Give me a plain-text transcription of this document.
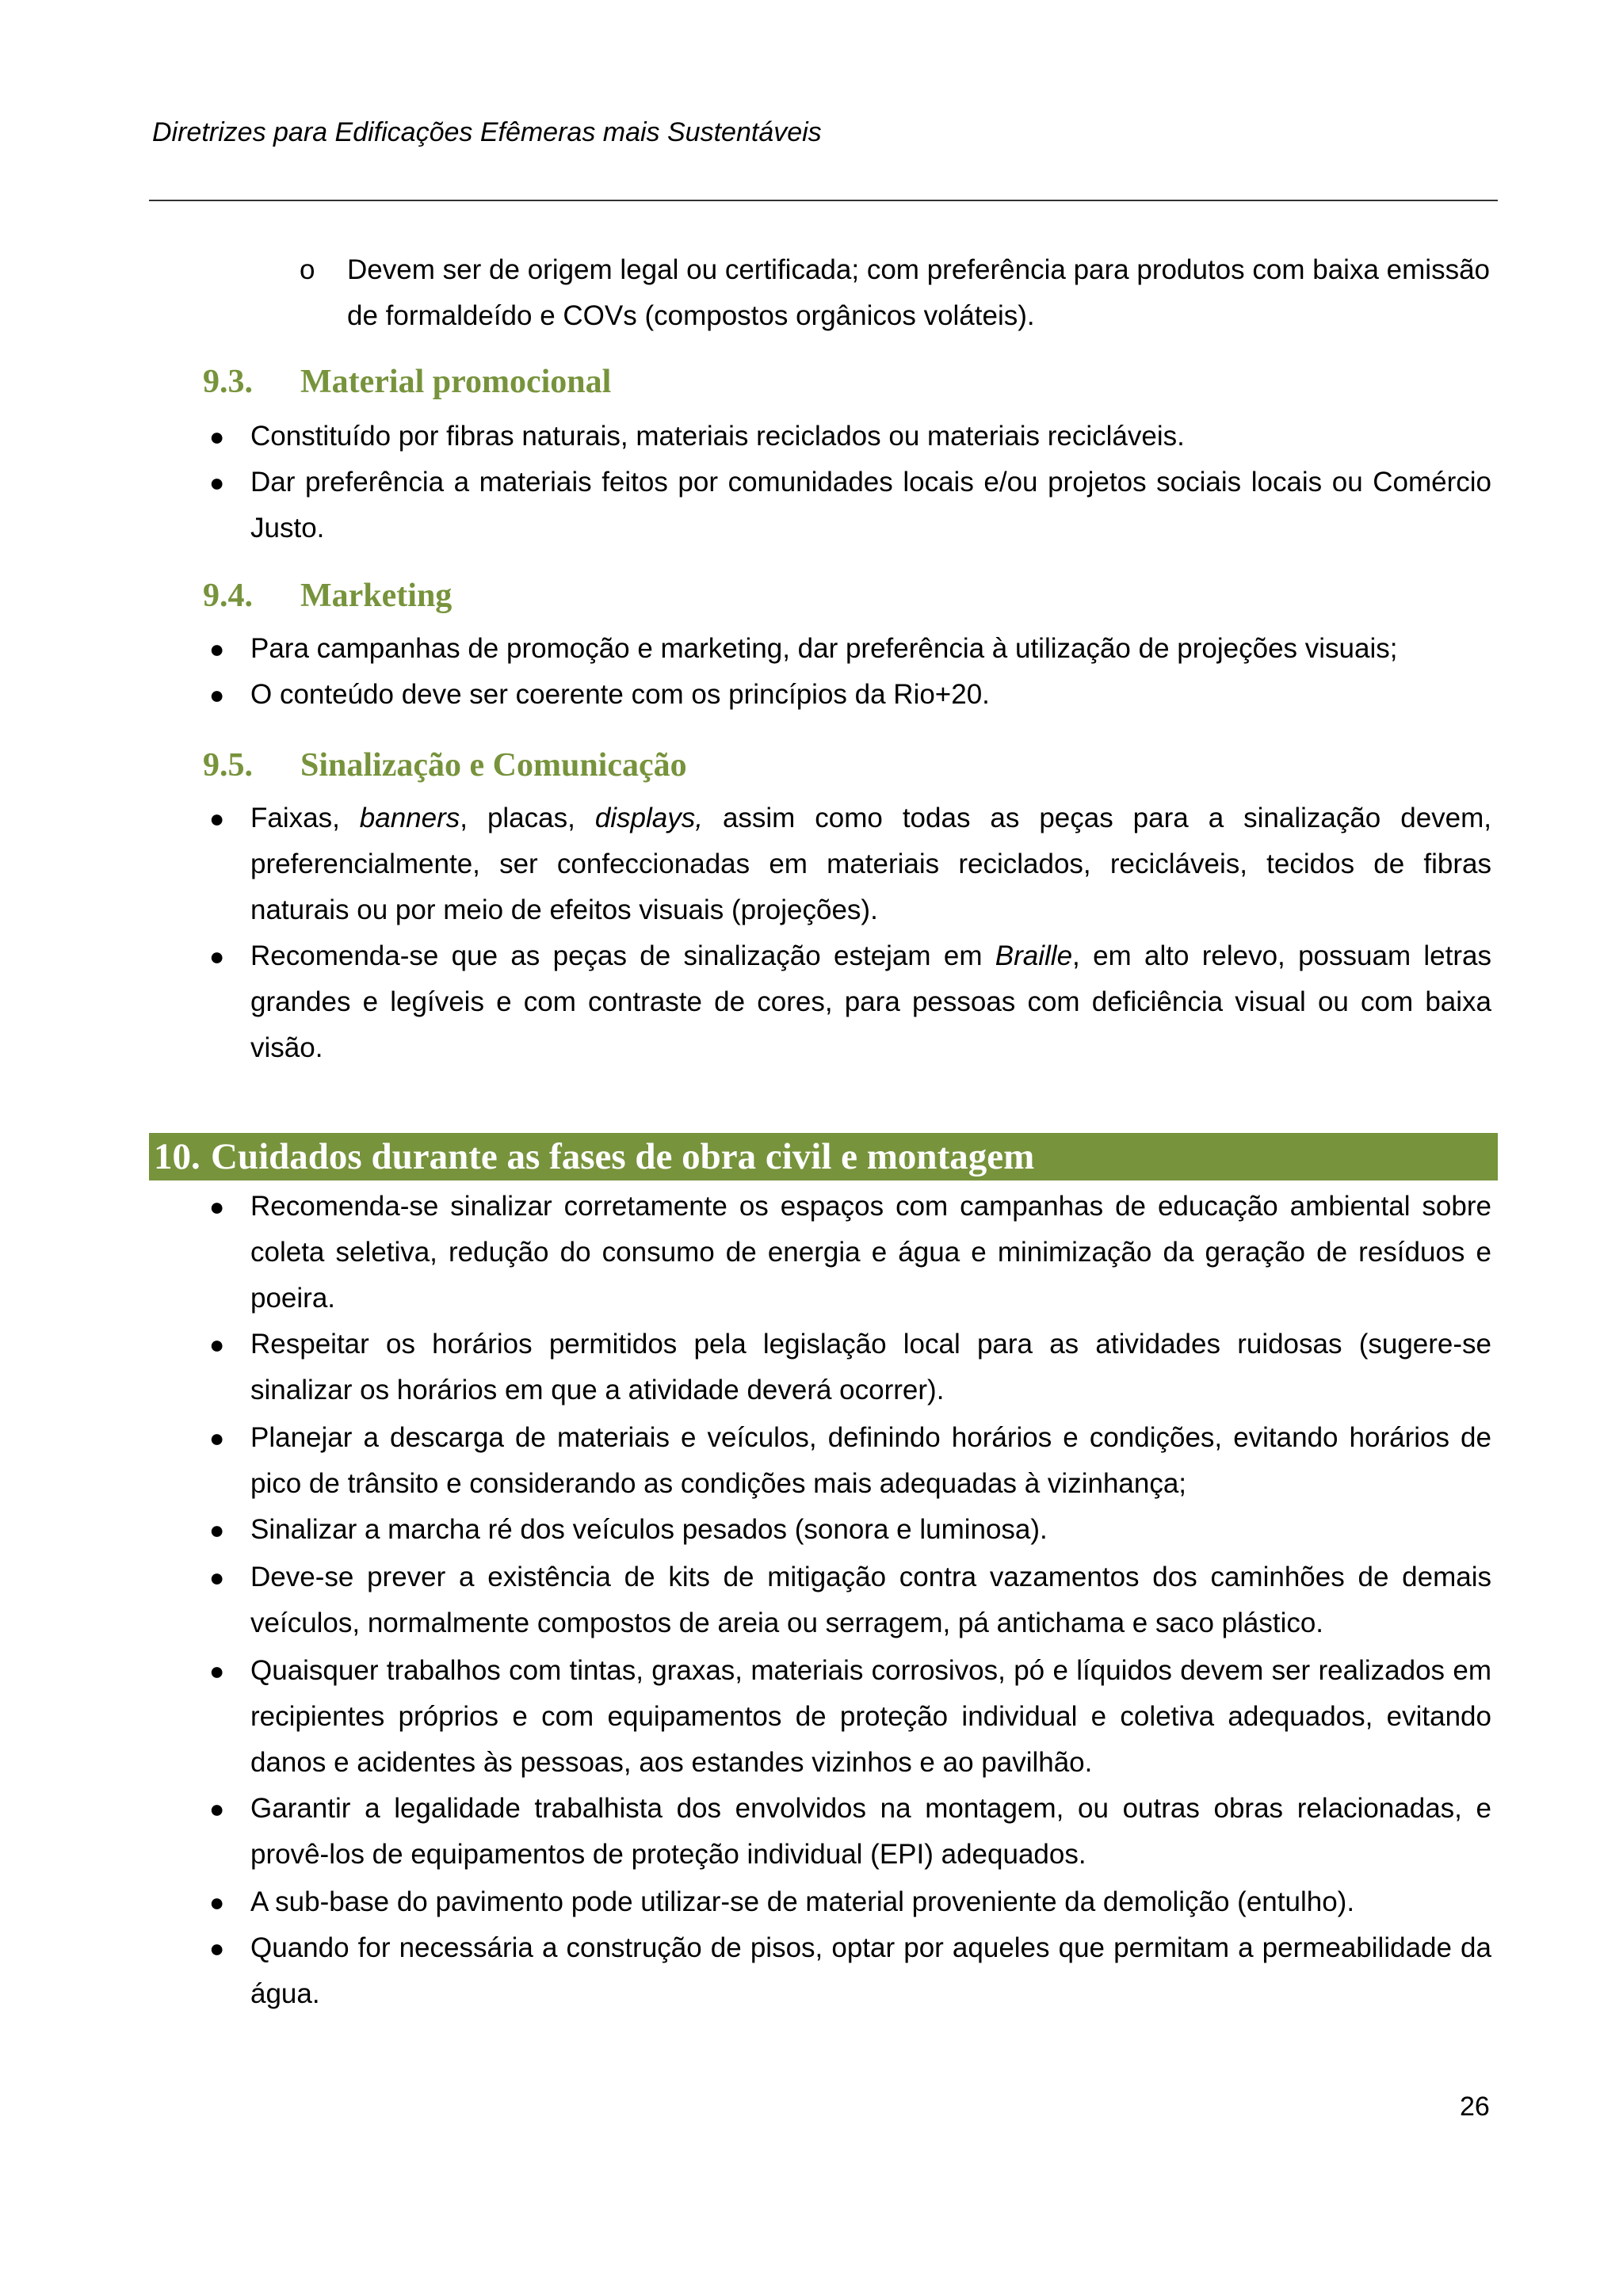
Diretrizes para Edificações Efêmeras mais Sustentáveis
o Devem ser de origem legal ou certificada; com preferência para produtos com baixa emissão de formaldeído e COVs (compostos orgânicos voláteis).
9.3. Material promocional
● Constituído por fibras naturais, materiais reciclados ou materiais recicláveis.
● Dar preferência a materiais feitos por comunidades locais e/ou projetos sociais locais ou Comércio Justo.
9.4. Marketing
● Para campanhas de promoção e marketing, dar preferência à utilização de projeções visuais;
● O conteúdo deve ser coerente com os princípios da Rio+20.
9.5. Sinalização e Comunicação
● Faixas, banners, placas, displays, assim como todas as peças para a sinalização devem, preferencialmente, ser confeccionadas em materiais reciclados, recicláveis, tecidos de fibras naturais ou por meio de efeitos visuais (projeções).
● Recomenda-se que as peças de sinalização estejam em Braille, em alto relevo, possuam letras grandes e legíveis e com contraste de cores, para pessoas com deficiência visual ou com baixa visão.
10. Cuidados durante as fases de obra civil e montagem
● Recomenda-se sinalizar corretamente os espaços com campanhas de educação ambiental sobre coleta seletiva, redução do consumo de energia e água e minimização da geração de resíduos e poeira.
● Respeitar os horários permitidos pela legislação local para as atividades ruidosas (sugere-se sinalizar os horários em que a atividade deverá ocorrer).
● Planejar a descarga de materiais e veículos, definindo horários e condições, evitando horários de pico de trânsito e considerando as condições mais adequadas à vizinhança;
● Sinalizar a marcha ré dos veículos pesados (sonora e luminosa).
● Deve-se prever a existência de kits de mitigação contra vazamentos dos caminhões de demais veículos, normalmente compostos de areia ou serragem, pá antichama e saco plástico.
● Quaisquer trabalhos com tintas, graxas, materiais corrosivos, pó e líquidos devem ser realizados em recipientes próprios e com equipamentos de proteção individual e coletiva adequados, evitando danos e acidentes às pessoas, aos estandes vizinhos e ao pavilhão.
● Garantir a legalidade trabalhista dos envolvidos na montagem, ou outras obras relacionadas, e provê-los de equipamentos de proteção individual (EPI) adequados.
● A sub-base do pavimento pode utilizar-se de material proveniente da demolição (entulho).
● Quando for necessária a construção de pisos, optar por aqueles que permitam a permeabilidade da água.
26
